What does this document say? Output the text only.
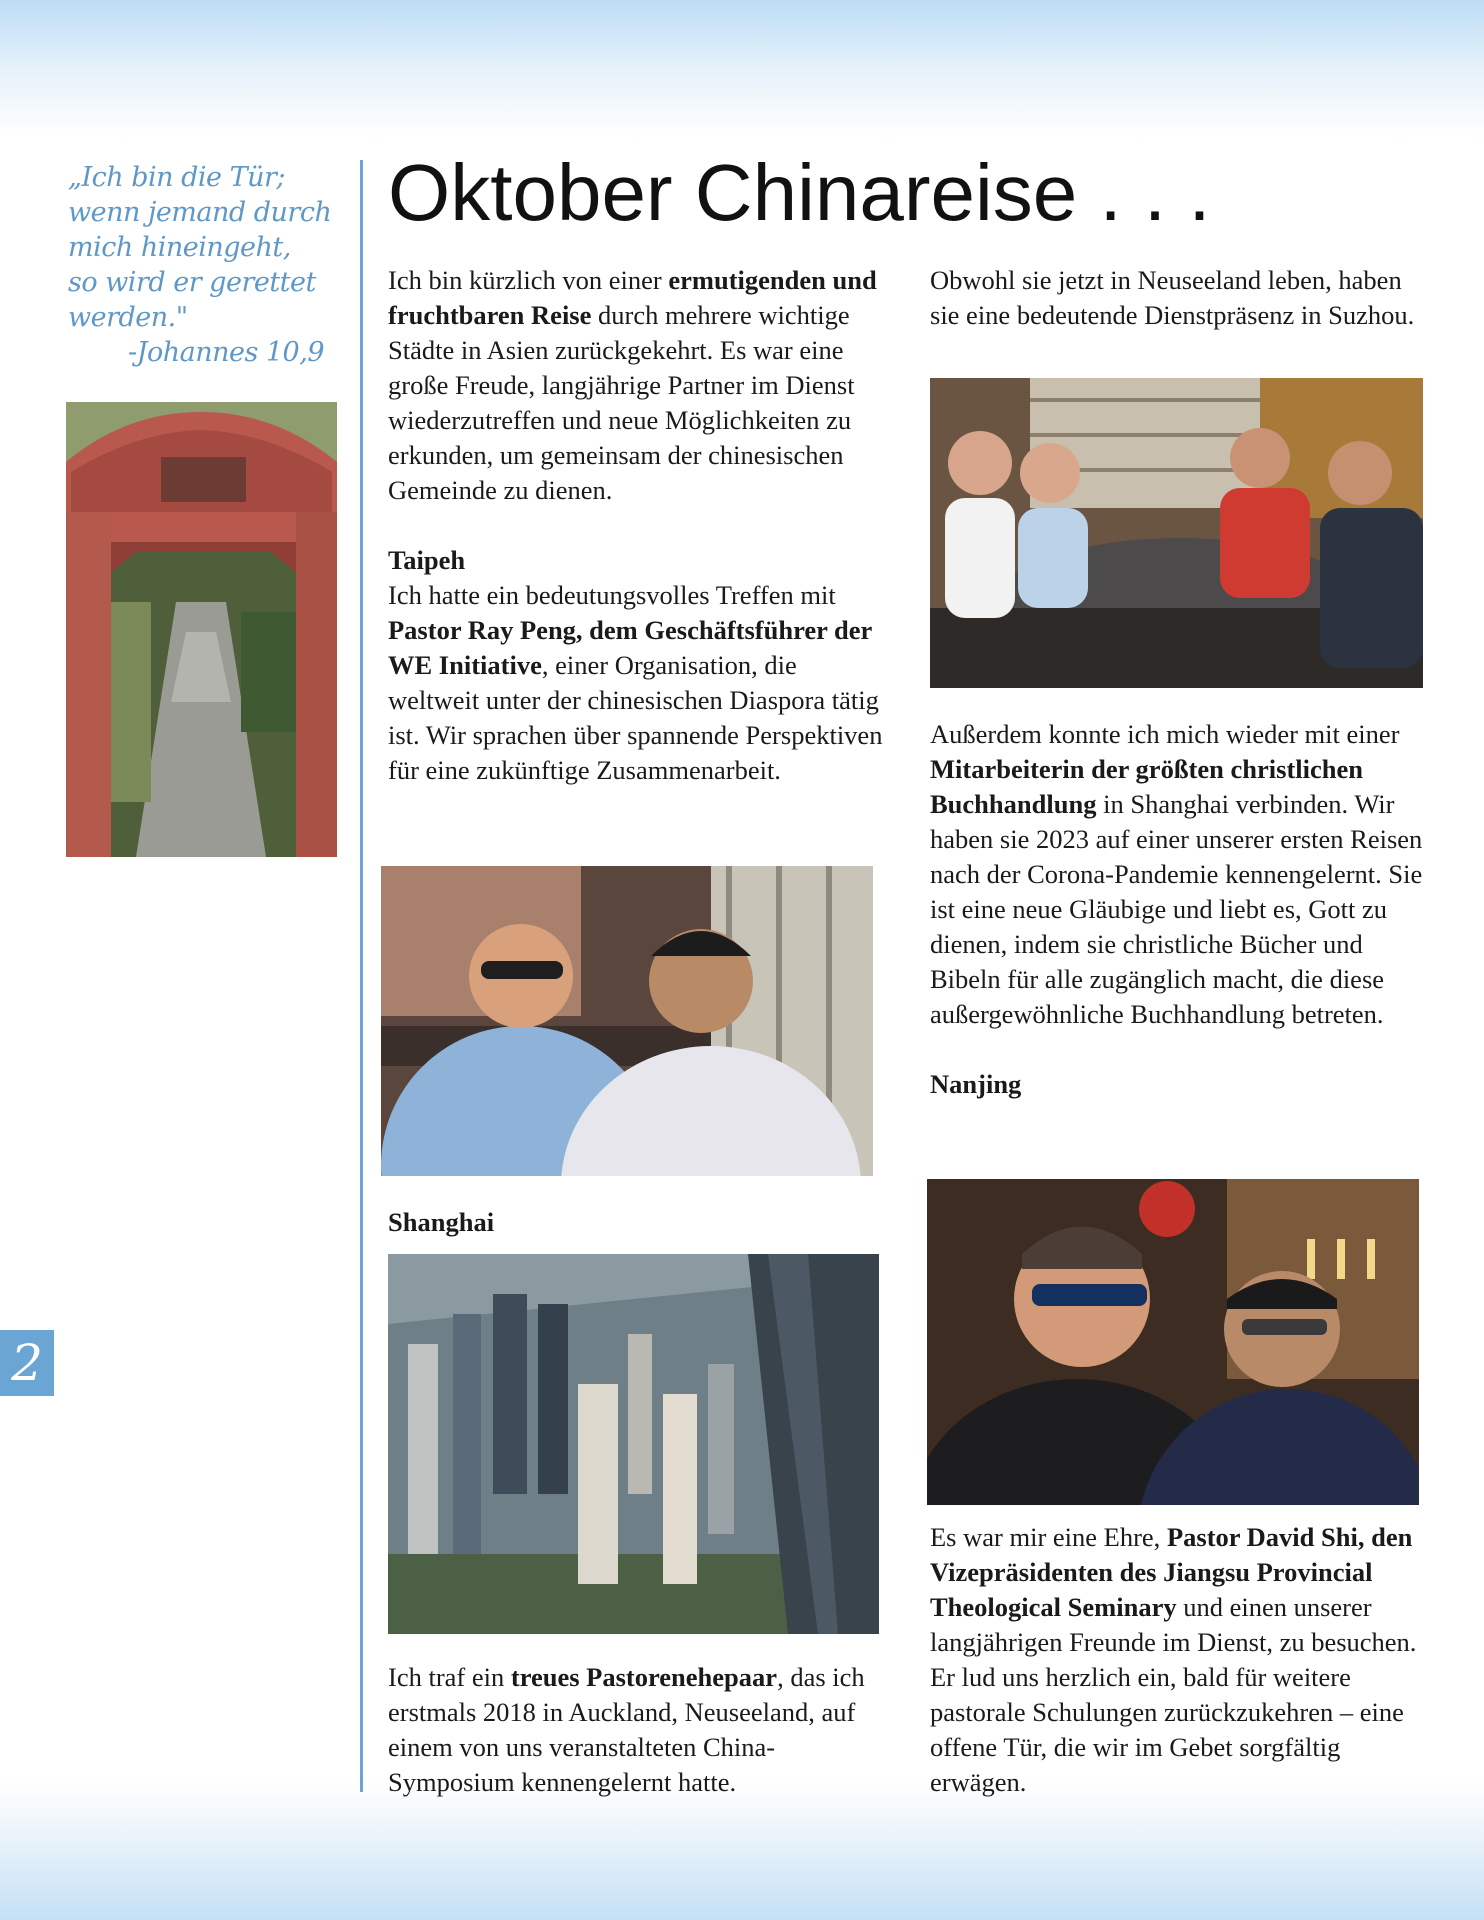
„Ich bin die Tür;
wenn jemand durch
mich hineingeht,
so wird er gerettet
werden."
-Johannes 10,9
Oktober Chinareise . . .

Ich bin kürzlich von einer ermutigenden und fruchtbaren Reise durch mehrere wichtige Städte in Asien zurückgekehrt. Es war eine große Freude, langjährige Partner im Dienst wiederzutreffen und neue Möglichkeiten zu erkunden, um gemeinsam der chinesischen Gemeinde zu dienen.

Taipeh

Ich hatte ein bedeutungsvolles Treffen mit Pastor Ray Peng, dem Geschäftsführer der WE Initiative, einer Organisation, die weltweit unter der chinesischen Diaspora tätig ist. Wir sprachen über spannende Perspektiven für eine zukünftige Zusammenarbeit.

Shanghai

Ich traf ein treues Pastorenehepaar, das ich erstmals 2018 in Auckland, Neuseeland, auf einem von uns veranstalteten China-Symposium kennengelernt hatte.

Obwohl sie jetzt in Neuseeland leben, haben sie eine bedeutende Dienstpräsenz in Suzhou.

Außerdem konnte ich mich wieder mit einer Mitarbeiterin der größten christlichen Buchhandlung in Shanghai verbinden. Wir haben sie 2023 auf einer unserer ersten Reisen nach der Corona-Pandemie kennengelernt. Sie ist eine neue Gläubige und liebt es, Gott zu dienen, indem sie christliche Bücher und Bibeln für alle zugänglich macht, die diese außergewöhnliche Buchhandlung betreten.

Nanjing

Es war mir eine Ehre, Pastor David Shi, den Vizepräsidenten des Jiangsu Provincial Theological Seminary und einen unserer langjährigen Freunde im Dienst, zu besuchen. Er lud uns herzlich ein, bald für weitere pastorale Schulungen zurückzukehren – eine offene Tür, die wir im Gebet sorgfältig erwägen.

2
